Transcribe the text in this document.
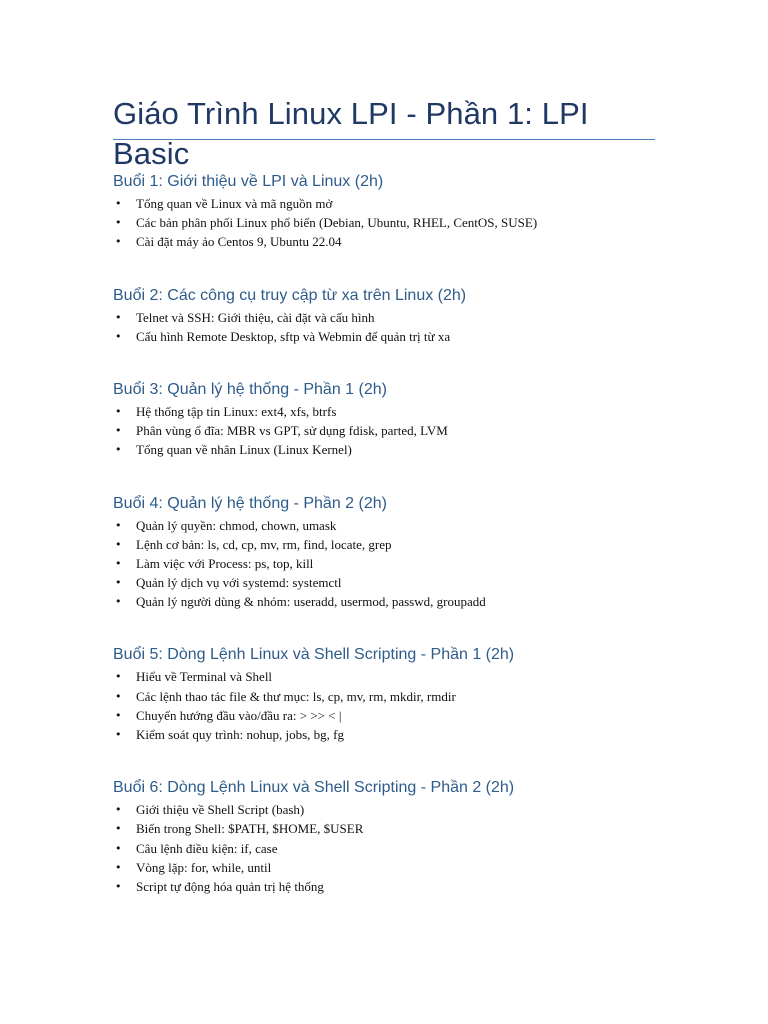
Giáo Trình Linux LPI - Phần 1: LPI Basic
Buổi 1: Giới thiệu về LPI và Linux (2h)
• Tổng quan về Linux và mã nguồn mở
• Các bản phân phối Linux phổ biến (Debian, Ubuntu, RHEL, CentOS, SUSE)
• Cài đặt máy ảo Centos 9, Ubuntu 22.04
Buổi 2: Các công cụ truy cập từ xa trên Linux (2h)
• Telnet và SSH: Giới thiệu, cài đặt và cấu hình
• Cấu hình Remote Desktop, sftp và Webmin để quản trị từ xa
Buổi 3: Quản lý hệ thống - Phần 1 (2h)
• Hệ thống tập tin Linux: ext4, xfs, btrfs
• Phân vùng ổ đĩa: MBR vs GPT, sử dụng fdisk, parted, LVM
• Tổng quan về nhân Linux (Linux Kernel)
Buổi 4: Quản lý hệ thống - Phần 2 (2h)
• Quản lý quyền: chmod, chown, umask
• Lệnh cơ bản: ls, cd, cp, mv, rm, find, locate, grep
• Làm việc với Process: ps, top, kill
• Quản lý dịch vụ với systemd: systemctl
• Quản lý người dùng & nhóm: useradd, usermod, passwd, groupadd
Buổi 5: Dòng Lệnh Linux và Shell Scripting - Phần 1 (2h)
• Hiểu về Terminal và Shell
• Các lệnh thao tác file & thư mục: ls, cp, mv, rm, mkdir, rmdir
• Chuyển hướng đầu vào/đầu ra: > >> < |
• Kiểm soát quy trình: nohup, jobs, bg, fg
Buổi 6: Dòng Lệnh Linux và Shell Scripting - Phần 2 (2h)
• Giới thiệu về Shell Script (bash)
• Biến trong Shell: $PATH, $HOME, $USER
• Câu lệnh điều kiện: if, case
• Vòng lặp: for, while, until
• Script tự động hóa quản trị hệ thống
